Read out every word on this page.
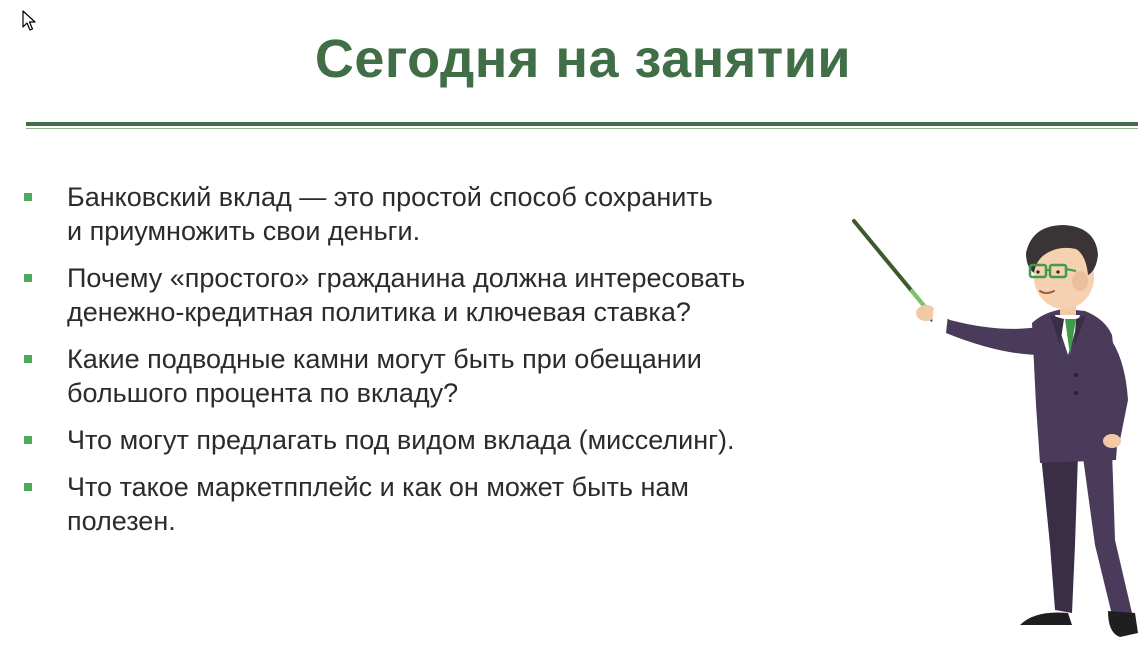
Сегодня на занятии
Банковский вклад — это простой способ сохранить
и приумножить свои деньги.
Почему «простого» гражданина должна интересовать
денежно-кредитная политика и ключевая ставка?
Какие подводные камни могут быть при обещании
большого процента по вкладу?
Что могут предлагать под видом вклада (мисселинг).
Что такое маркетпплейс и как он может быть нам
полезен.
